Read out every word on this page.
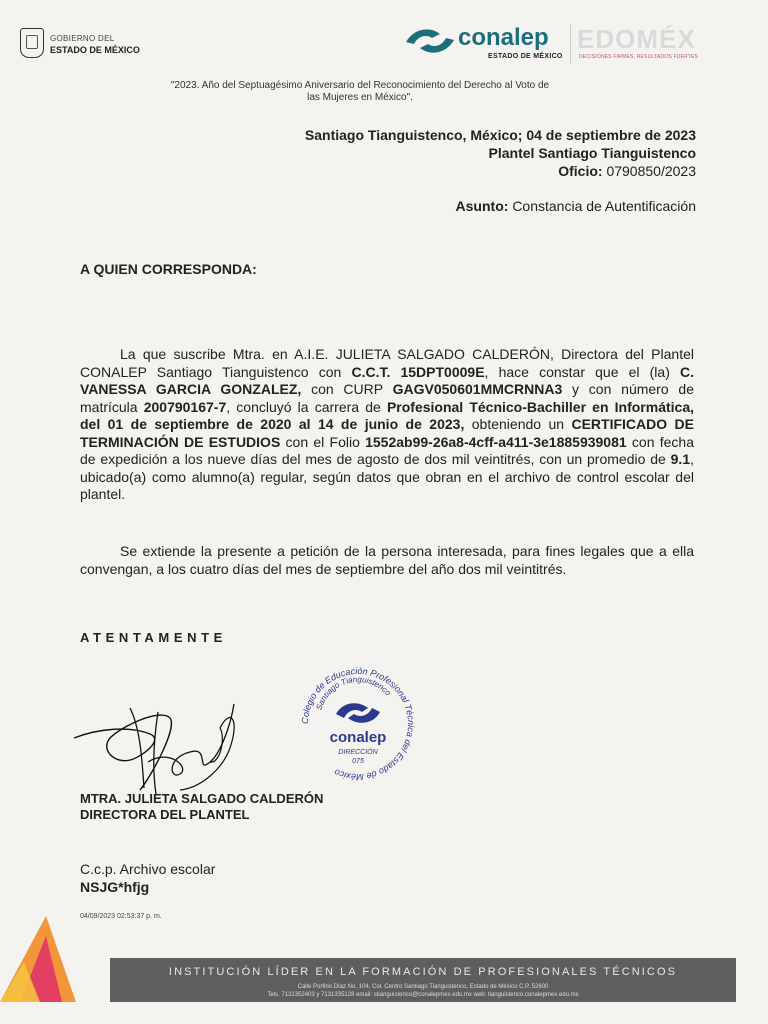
GOBIERNO DEL
ESTADO DE MÉXICO	conalep
ESTADO DE MÉXICO
EDOMÉX
DECISIONES FIRMES, RESULTADOS FUERTES
"2023. Año del Septuagésimo Aniversario del Reconocimiento del Derecho al Voto de las Mujeres en México".
Santiago Tianguistenco, México; 04 de septiembre de 2023
Plantel Santiago Tianguistenco
Oficio: 0790850/2023
Asunto: Constancia de Autentificación
A QUIEN CORRESPONDA:
La que suscribe Mtra. en A.I.E. JULIETA SALGADO CALDERÓN, Directora del Plantel CONALEP Santiago Tianguistenco con C.C.T. 15DPT0009E, hace constar que el (la) C. VANESSA GARCIA GONZALEZ, con CURP GAGV050601MMCRNNA3 y con número de matrícula 200790167-7, concluyó la carrera de Profesional Técnico-Bachiller en Informática, del 01 de septiembre de 2020 al 14 de junio de 2023, obteniendo un CERTIFICADO DE TERMINACIÓN DE ESTUDIOS con el Folio 1552ab99-26a8-4cff-a411-3e1885939081 con fecha de expedición a los nueve días del mes de agosto de dos mil veintitrés, con un promedio de 9.1, ubicado(a) como alumno(a) regular, según datos que obran en el archivo de control escolar del plantel.
Se extiende la presente a petición de la persona interesada, para fines legales que a ella convengan, a los cuatro días del mes de septiembre del año dos mil veintitrés.
ATENTAMENTE
Colegio de Educación Profesional Técnica del Estado de México
Santiago Tianguistenco
conalep
DIRECCIÓN
075
MTRA. JULIETA SALGADO CALDERÓN
DIRECTORA DEL PLANTEL
C.c.p. Archivo escolar
NSJG*hfjg
04/09/2023 02:53:37 p. m.
INSTITUCIÓN LÍDER EN LA FORMACIÓN DE PROFESIONALES TÉCNICOS
Calle Porfirio Díaz No. 104, Col. Centro Santiago Tianguistenco, Estado de México C.P. 52600
Tels. 7131352403 y 7131335128 email: stianguistenco@conalepmex.edu.mx web: tianguistenco.conalepmex.edu.mx
